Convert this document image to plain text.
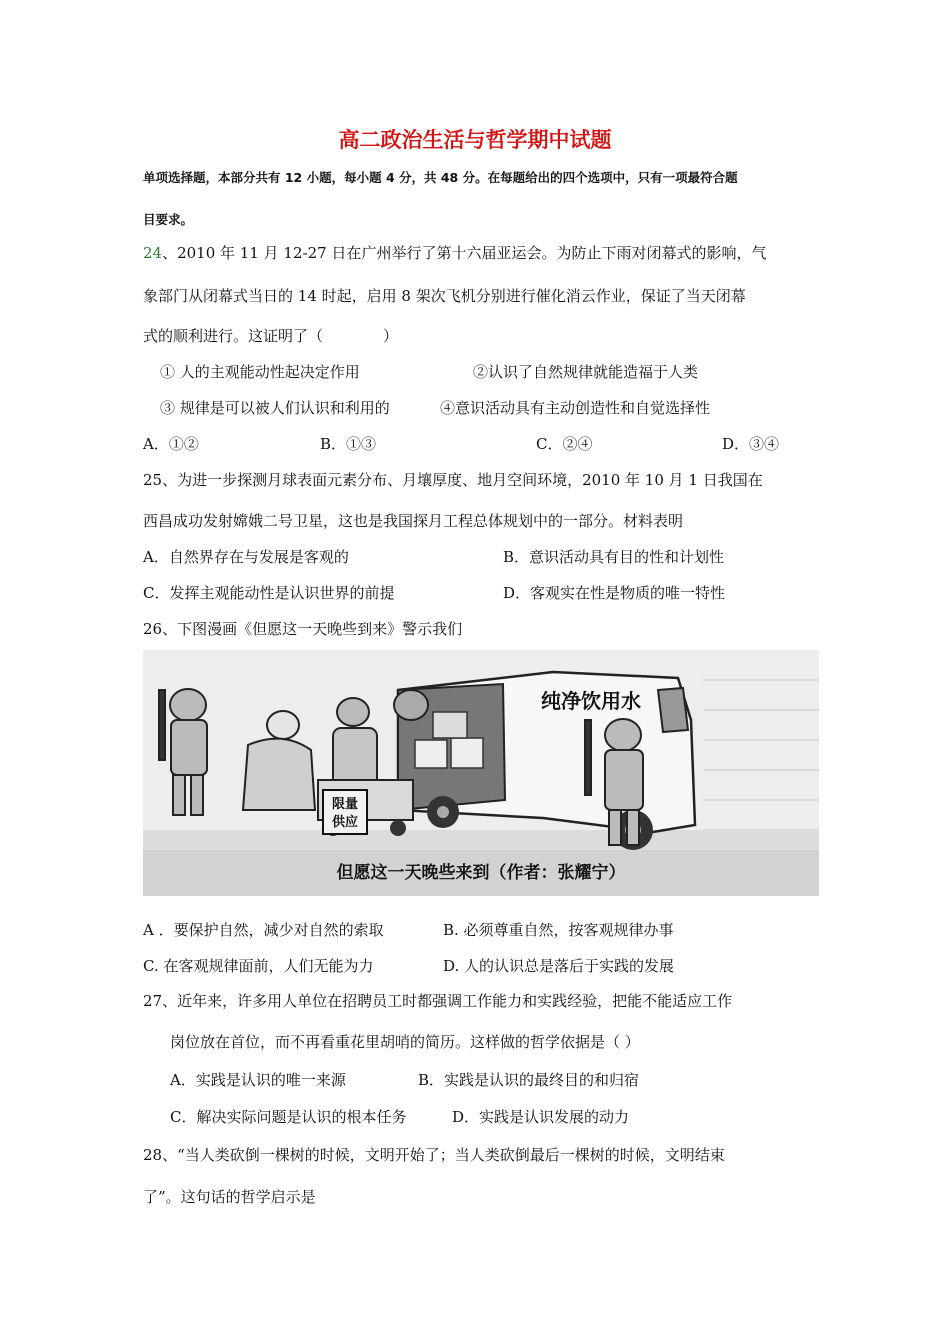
高二政治生活与哲学期中试题
单项选择题，本部分共有 12 小题，每小题 4 分，共 48 分。在每题给出的四个选项中，只有一项最符合题
目要求。
24、2010 年 11 月 12-27 日在广州举行了第十六届亚运会。为防止下雨对闭幕式的影响，气
象部门从闭幕式当日的 14 时起，启用 8 架次飞机分别进行催化消云作业，保证了当天闭幕
式的顺利进行。这证明了（　　　　）
① 人的主观能动性起决定作用	②认识了自然规律就能造福于人类
③ 规律是可以被人们认识和利用的	④意识活动具有主动创造性和自觉选择性
A．①②	B．①③	C．②④	D．③④
25、为进一步探测月球表面元素分布、月壤厚度、地月空间环境，2010 年 10 月 1 日我国在
西昌成功发射嫦娥二号卫星，这也是我国探月工程总体规划中的一部分。材料表明
A．自然界存在与发展是客观的	B．意识活动具有目的性和计划性
C．发挥主观能动性是认识世界的前提	D．客观实在性是物质的唯一特性
26、下图漫画《但愿这一天晚些到来》警示我们
纯净饮用水
限量
供应
但愿这一天晚些来到（作者：张耀宁）
A ．要保护自然，减少对自然的索取	B. 必须尊重自然，按客观规律办事
C. 在客观规律面前，人们无能为力	D. 人的认识总是落后于实践的发展
27、近年来，许多用人单位在招聘员工时都强调工作能力和实践经验，把能不能适应工作
岗位放在首位，而不再看重花里胡哨的简历。这样做的哲学依据是（ ）
A．实践是认识的唯一来源	B．实践是认识的最终目的和归宿
C．解决实际问题是认识的根本任务	D．实践是认识发展的动力
28、“当人类砍倒一棵树的时候，文明开始了；当人类砍倒最后一棵树的时候，文明结束
了”。这句话的哲学启示是
